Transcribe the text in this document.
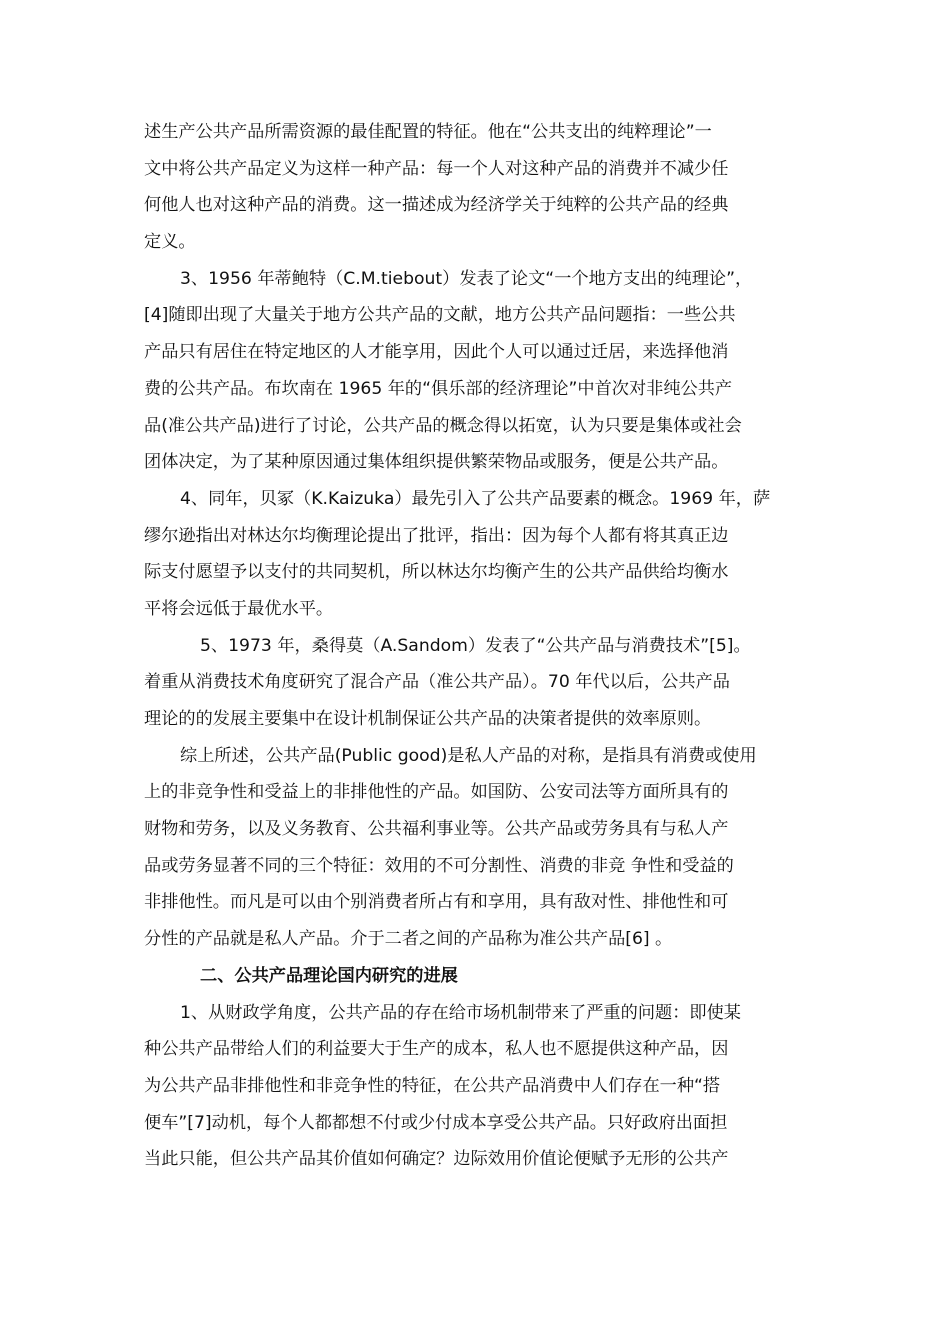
述生产公共产品所需资源的最佳配置的特征。他在“公共支出的纯粹理论”一
文中将公共产品定义为这样一种产品：每一个人对这种产品的消费并不减少任
何他人也对这种产品的消费。这一描述成为经济学关于纯粹的公共产品的经典
定义。
3、1956 年蒂鲍特（C.M.tiebout）发表了论文“一个地方支出的纯理论”，
[4]随即出现了大量关于地方公共产品的文献，地方公共产品问题指：一些公共
产品只有居住在特定地区的人才能享用，因此个人可以通过迁居，来选择他消
费的公共产品。布坎南在 1965 年的“俱乐部的经济理论”中首次对非纯公共产
品(准公共产品)进行了讨论，公共产品的概念得以拓宽，认为只要是集体或社会
团体决定，为了某种原因通过集体组织提供繁荣物品或服务，便是公共产品。
4、同年，贝冢（K.Kaizuka）最先引入了公共产品要素的概念。1969 年，萨
缪尔逊指出对林达尔均衡理论提出了批评，指出：因为每个人都有将其真正边
际支付愿望予以支付的共同契机，所以林达尔均衡产生的公共产品供给均衡水
平将会远低于最优水平。
5、1973 年，桑得莫（A.Sandom）发表了“公共产品与消费技术”[5]。
着重从消费技术角度研究了混合产品（准公共产品）。70 年代以后，公共产品
理论的的发展主要集中在设计机制保证公共产品的决策者提供的效率原则。
综上所述，公共产品(Public good)是私人产品的对称，是指具有消费或使用
上的非竞争性和受益上的非排他性的产品。如国防、公安司法等方面所具有的
财物和劳务，以及义务教育、公共福利事业等。公共产品或劳务具有与私人产
品或劳务显著不同的三个特征：效用的不可分割性、消费的非竞 争性和受益的
非排他性。而凡是可以由个别消费者所占有和享用，具有敌对性、排他性和可
分性的产品就是私人产品。介于二者之间的产品称为准公共产品[6] 。
二、公共产品理论国内研究的进展
1、从财政学角度，公共产品的存在给市场机制带来了严重的问题：即使某
种公共产品带给人们的利益要大于生产的成本，私人也不愿提供这种产品，因
为公共产品非排他性和非竞争性的特征，在公共产品消费中人们存在一种“搭
便车”[7]动机，每个人都都想不付或少付成本享受公共产品。只好政府出面担
当此只能，但公共产品其价值如何确定？边际效用价值论便赋予无形的公共产
